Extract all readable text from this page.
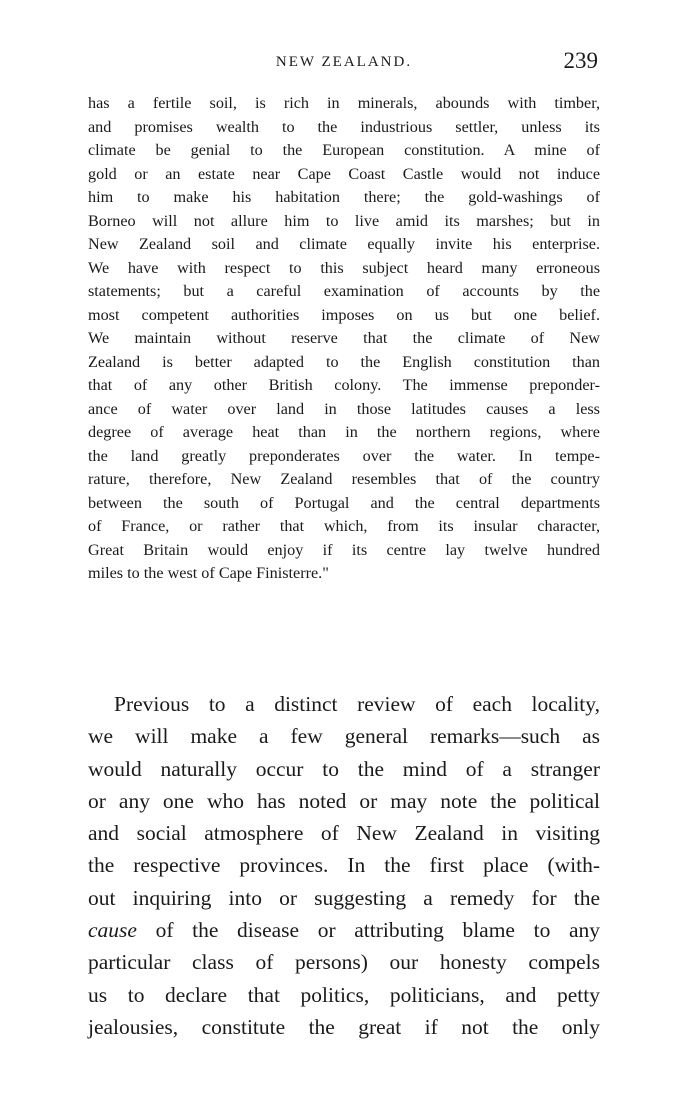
NEW ZEALAND.	239
has a fertile soil, is rich in minerals, abounds with timber,
and promises wealth to the industrious settler, unless its
climate be genial to the European constitution. A mine of
gold or an estate near Cape Coast Castle would not induce
him to make his habitation there; the gold-washings of
Borneo will not allure him to live amid its marshes; but in
New Zealand soil and climate equally invite his enterprise.
We have with respect to this subject heard many erroneous
statements; but a careful examination of accounts by the
most competent authorities imposes on us but one belief.
We maintain without reserve that the climate of New
Zealand is better adapted to the English constitution than
that of any other British colony. The immense preponder-
ance of water over land in those latitudes causes a less
degree of average heat than in the northern regions, where
the land greatly preponderates over the water. In tempe-
rature, therefore, New Zealand resembles that of the country
between the south of Portugal and the central departments
of France, or rather that which, from its insular character,
Great Britain would enjoy if its centre lay twelve hundred
miles to the west of Cape Finisterre."
Previous to a distinct review of each locality,
we will make a few general remarks—such as
would naturally occur to the mind of a stranger
or any one who has noted or may note the political
and social atmosphere of New Zealand in visiting
the respective provinces. In the first place (with-
out inquiring into or suggesting a remedy for the
cause of the disease or attributing blame to any
particular class of persons) our honesty compels
us to declare that politics, politicians, and petty
jealousies, constitute the great if not the only
